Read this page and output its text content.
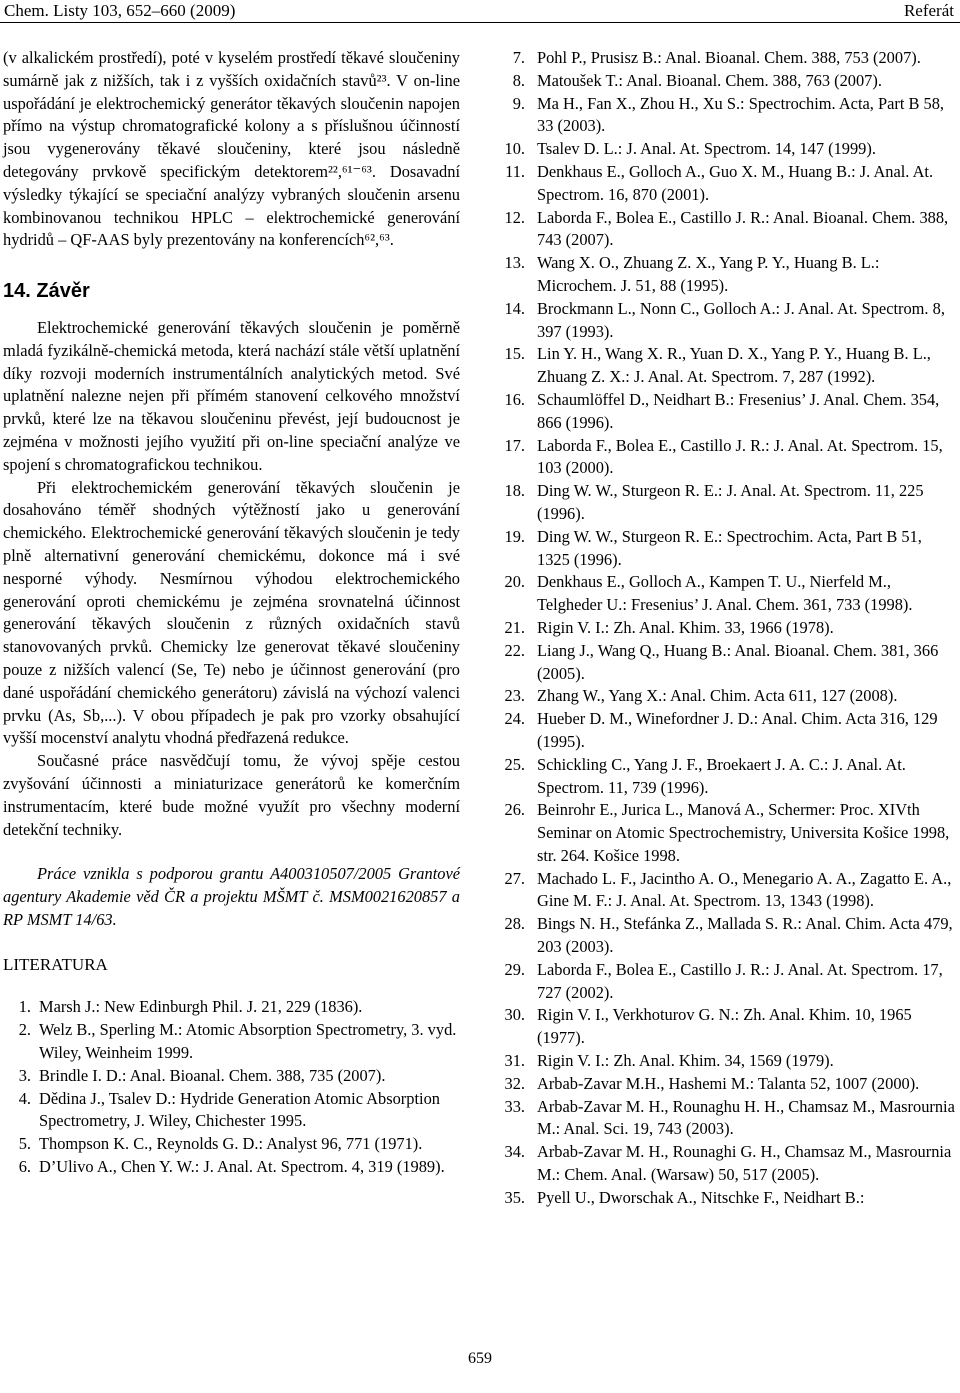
Chem. Listy 103, 652–660 (2009)	Referát

(v alkalickém prostředí), poté v kyselém prostředí těkavé sloučeniny sumárně jak z nižších, tak i z vyšších oxidačních stavů²³. V on-line uspořádání je elektrochemický generátor těkavých sloučenin napojen přímo na výstup chromatografické kolony a s příslušnou účinností jsou vygenerovány těkavé sloučeniny, které jsou následně detegovány prvkově specifickým detektorem²²,⁶¹⁻⁶³. Dosavadní výsledky týkající se speciační analýzy vybraných sloučenin arsenu kombinovanou technikou HPLC – elektrochemické generování hydridů – QF-AAS byly prezentovány na konferencích⁶²,⁶³.

14. Závěr

Elektrochemické generování těkavých sloučenin je poměrně mladá fyzikálně-chemická metoda, která nachází stále větší uplatnění díky rozvoji moderních instrumentálních analytických metod. Své uplatnění nalezne nejen při přímém stanovení celkového množství prvků, které lze na těkavou sloučeninu převést, její budoucnost je zejména v možnosti jejího využití při on-line speciační analýze ve spojení s chromatografickou technikou.

Při elektrochemickém generování těkavých sloučenin je dosahováno téměř shodných výtěžností jako u generování chemického. Elektrochemické generování těkavých sloučenin je tedy plně alternativní generování chemickému, dokonce má i své nesporné výhody. Nesmírnou výhodou elektrochemického generování oproti chemickému je zejména srovnatelná účinnost generování těkavých sloučenin z různých oxidačních stavů stanovovaných prvků. Chemicky lze generovat těkavé sloučeniny pouze z nižších valencí (Se, Te) nebo je účinnost generování (pro dané uspořádání chemického generátoru) závislá na výchozí valenci prvku (As, Sb,...). V obou případech je pak pro vzorky obsahující vyšší mocenství analytu vhodná předřazená redukce.

Současné práce nasvědčují tomu, že vývoj spěje cestou zvyšování účinnosti a miniaturizace generátorů ke komerčním instrumentacím, které bude možné využít pro všechny moderní detekční techniky.

Práce vznikla s podporou grantu A400310507/2005 Grantové agentury Akademie věd ČR a projektu MŠMT č. MSM0021620857 a RP MSMT 14/63.

LITERATURA
1. Marsh J.: New Edinburgh Phil. J. 21, 229 (1836).
2. Welz B., Sperling M.: Atomic Absorption Spectrometry, 3. vyd. Wiley, Weinheim 1999.
3. Brindle I. D.: Anal. Bioanal. Chem. 388, 735 (2007).
4. Dědina J., Tsalev D.: Hydride Generation Atomic Absorption Spectrometry, J. Wiley, Chichester 1995.
5. Thompson K. C., Reynolds G. D.: Analyst 96, 771 (1971).
6. D’Ulivo A., Chen Y. W.: J. Anal. At. Spectrom. 4, 319 (1989).
7. Pohl P., Prusisz B.: Anal. Bioanal. Chem. 388, 753 (2007).
8. Matoušek T.: Anal. Bioanal. Chem. 388, 763 (2007).
9. Ma H., Fan X., Zhou H., Xu S.: Spectrochim. Acta, Part B 58, 33 (2003).
10. Tsalev D. L.: J. Anal. At. Spectrom. 14, 147 (1999).
11. Denkhaus E., Golloch A., Guo X. M., Huang B.: J. Anal. At. Spectrom. 16, 870 (2001).
12. Laborda F., Bolea E., Castillo J. R.: Anal. Bioanal. Chem. 388, 743 (2007).
13. Wang X. O., Zhuang Z. X., Yang P. Y., Huang B. L.: Microchem. J. 51, 88 (1995).
14. Brockmann L., Nonn C., Golloch A.: J. Anal. At. Spectrom. 8, 397 (1993).
15. Lin Y. H., Wang X. R., Yuan D. X., Yang P. Y., Huang B. L., Zhuang Z. X.: J. Anal. At. Spectrom. 7, 287 (1992).
16. Schaumlöffel D., Neidhart B.: Fresenius’ J. Anal. Chem. 354, 866 (1996).
17. Laborda F., Bolea E., Castillo J. R.: J. Anal. At. Spectrom. 15, 103 (2000).
18. Ding W. W., Sturgeon R. E.: J. Anal. At. Spectrom. 11, 225 (1996).
19. Ding W. W., Sturgeon R. E.: Spectrochim. Acta, Part B 51, 1325 (1996).
20. Denkhaus E., Golloch A., Kampen T. U., Nierfeld M., Telgheder U.: Fresenius’ J. Anal. Chem. 361, 733 (1998).
21. Rigin V. I.: Zh. Anal. Khim. 33, 1966 (1978).
22. Liang J., Wang Q., Huang B.: Anal. Bioanal. Chem. 381, 366 (2005).
23. Zhang W., Yang X.: Anal. Chim. Acta 611, 127 (2008).
24. Hueber D. M., Winefordner J. D.: Anal. Chim. Acta 316, 129 (1995).
25. Schickling C., Yang J. F., Broekaert J. A. C.: J. Anal. At. Spectrom. 11, 739 (1996).
26. Beinrohr E., Jurica L., Manová A., Schermer: Proc. XIVth Seminar on Atomic Spectrochemistry, Universita Košice 1998, str. 264. Košice 1998.
27. Machado L. F., Jacintho A. O., Menegario A. A., Zagatto E. A., Gine M. F.: J. Anal. At. Spectrom. 13, 1343 (1998).
28. Bings N. H., Stefánka Z., Mallada S. R.: Anal. Chim. Acta 479, 203 (2003).
29. Laborda F., Bolea E., Castillo J. R.: J. Anal. At. Spectrom. 17, 727 (2002).
30. Rigin V. I., Verkhoturov G. N.: Zh. Anal. Khim. 10, 1965 (1977).
31. Rigin V. I.: Zh. Anal. Khim. 34, 1569 (1979).
32. Arbab-Zavar M.H., Hashemi M.: Talanta 52, 1007 (2000).
33. Arbab-Zavar M. H., Rounaghu H. H., Chamsaz M., Masrournia M.: Anal. Sci. 19, 743 (2003).
34. Arbab-Zavar M. H., Rounaghi G. H., Chamsaz M., Masrournia M.: Chem. Anal. (Warsaw) 50, 517 (2005).
35. Pyell U., Dworschak A., Nitschke F., Neidhart B.:
659
